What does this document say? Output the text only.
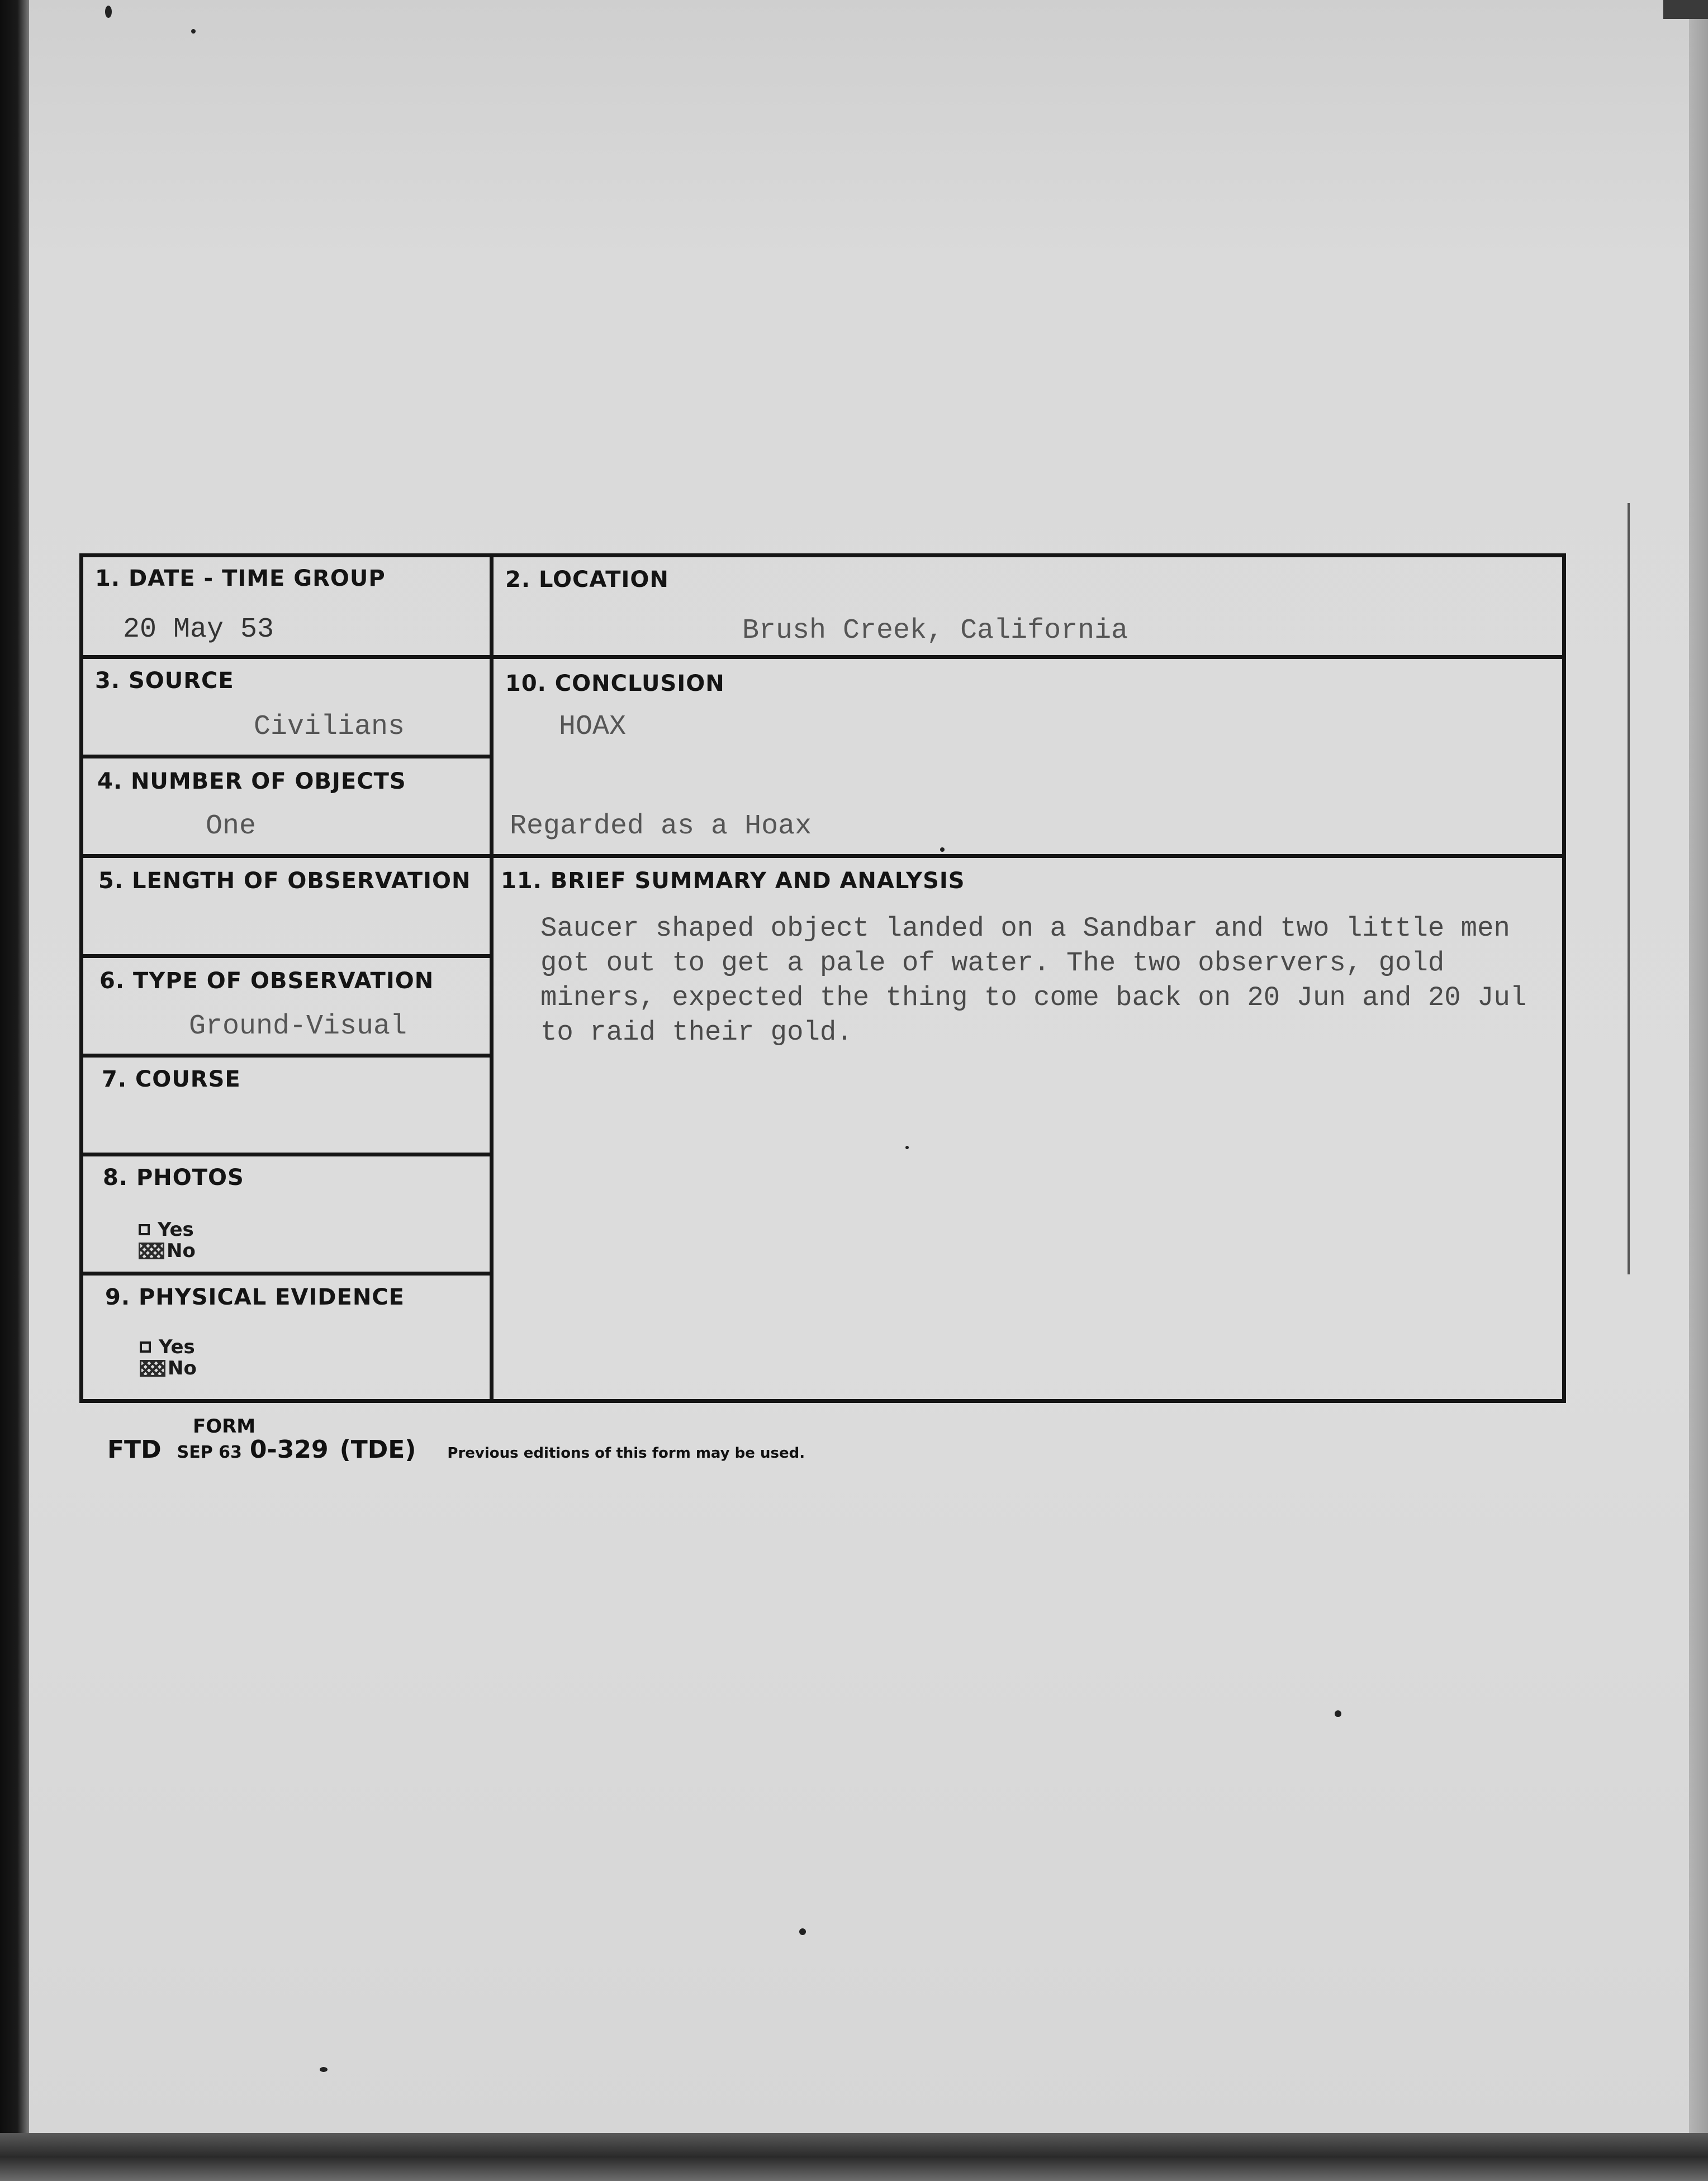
1. DATE - TIME GROUP
20 May 53
2. LOCATION
Brush Creek, California
3. SOURCE
Civilians
10. CONCLUSION
HOAX
Regarded as a Hoax
4. NUMBER OF OBJECTS
One
5. LENGTH OF OBSERVATION 11. BRIEF SUMMARY AND ANALYSIS
Saucer shaped object landed on a Sandbar and two little men
got out to get a pale of water. The two observers, gold
miners, expected the thing to come back on 20 Jun and 20 Jul
to raid their gold.
6. TYPE OF OBSERVATION
Ground-Visual
7. COURSE
8. PHOTOS
Yes
No
9. PHYSICAL EVIDENCE
Yes
No
FORM
FTD SEP 63 0-329 (TDE) Previous editions of this form may be used.
